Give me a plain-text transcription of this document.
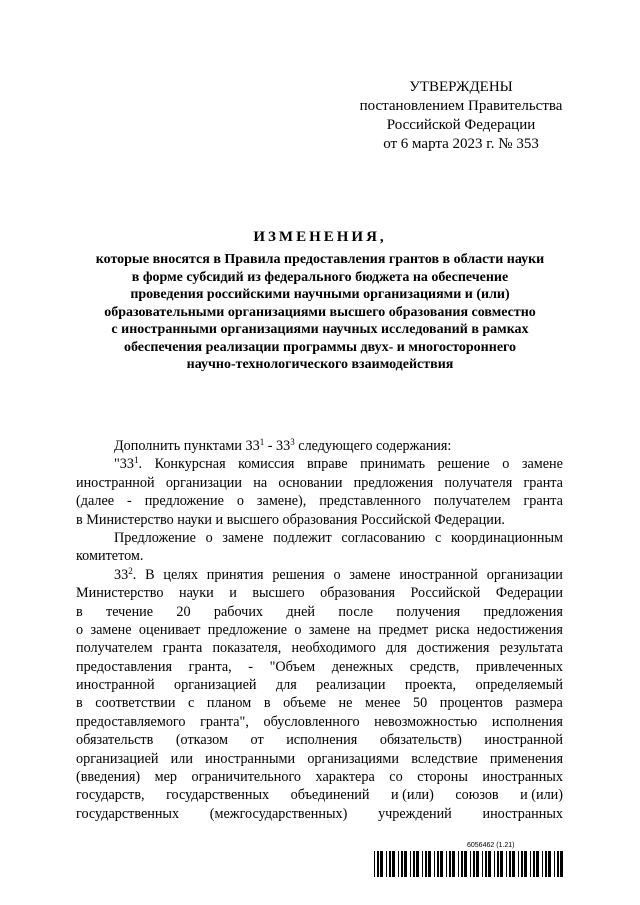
УТВЕРЖДЕНЫ
постановлением Правительства
Российской Федерации
от 6 марта 2023 г. № 353
ИЗМЕНЕНИЯ,
которые вносятся в Правила предоставления грантов в области науки
в форме субсидий из федерального бюджета на обеспечение
проведения российскими научными организациями и (или)
образовательными организациями высшего образования совместно
с иностранными организациями научных исследований в рамках
обеспечения реализации программы двух- и многостороннего
научно-технологического взаимодействия
Дополнить пунктами $33^1 - 33^3$ следующего содержания:
"$33^1$. Конкурсная комиссия вправе принимать решение о замене
иностранной организации на основании предложения получателя гранта
(далее - предложение о замене), представленного получателем гранта
в Министерство науки и высшего образования Российской Федерации.
Предложение о замене подлежит согласованию с координационным
комитетом.
$33^2$. В целях принятия решения о замене иностранной организации
Министерство науки и высшего образования Российской Федерации
в течение 20 рабочих дней после получения предложения
о замене оценивает предложение о замене на предмет риска недостижения
получателем гранта показателя, необходимого для достижения результата
предоставления гранта, - "Объем денежных средств, привлеченных
иностранной организацией для реализации проекта, определяемый
в соответствии с планом в объеме не менее 50 процентов размера
предоставляемого гранта", обусловленного невозможностью исполнения
обязательств (отказом от исполнения обязательств) иностранной
организацией или иностранными организациями вследствие применения
(введения) мер ограничительного характера со стороны иностранных
государств, государственных объединений и (или) союзов и (или)
государственных (межгосударственных) учреждений иностранных
6056462 (1.21)
